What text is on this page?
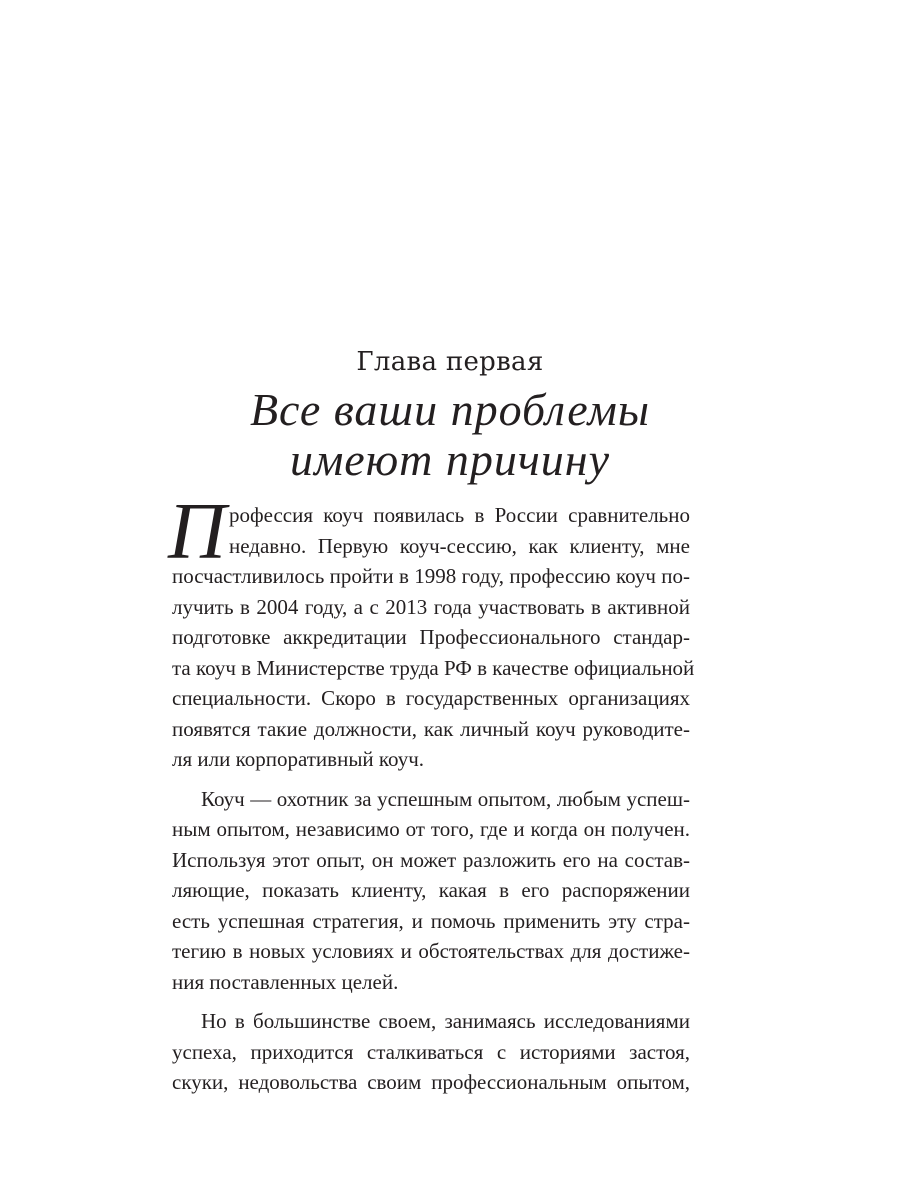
Глава первая
Все ваши проблемы
имеют причину
П рофессия коуч появилась в России сравнительно
недавно. Первую коуч-сессию, как клиенту, мне
посчастливилось пройти в 1998 году, профессию коуч по-
лучить в 2004 году, а с 2013 года участвовать в активной
подготовке аккредитации Профессионального стандар-
та коуч в Министерстве труда РФ в качестве официальной
специальности. Скоро в государственных организациях
появятся такие должности, как личный коуч руководите-
ля или корпоративный коуч.
Коуч — охотник за успешным опытом, любым успеш-
ным опытом, независимо от того, где и когда он получен.
Используя этот опыт, он может разложить его на состав-
ляющие, показать клиенту, какая в его распоряжении
есть успешная стратегия, и помочь применить эту стра-
тегию в новых условиях и обстоятельствах для достиже-
ния поставленных целей.
Но в большинстве своем, занимаясь исследованиями
успеха, приходится сталкиваться с историями застоя,
скуки, недовольства своим профессиональным опытом,
